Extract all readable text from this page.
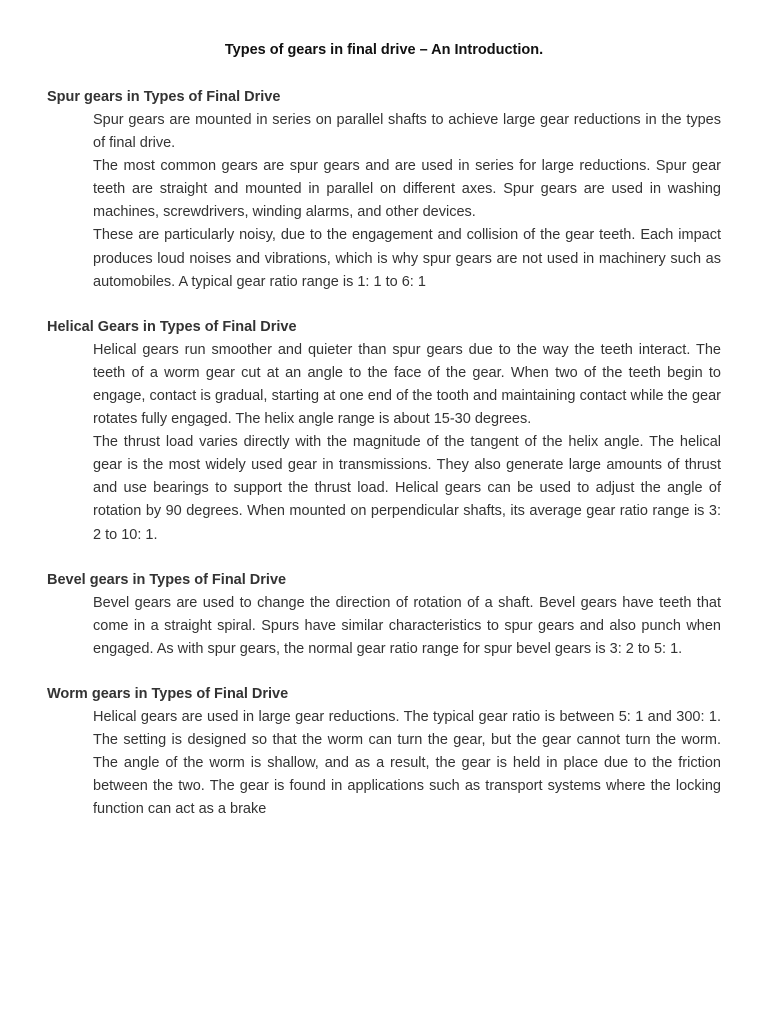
Types of gears in final drive – An Introduction.
Spur gears in Types of Final Drive

Spur gears are mounted in series on parallel shafts to achieve large gear reductions in the types of final drive.

The most common gears are spur gears and are used in series for large reductions. Spur gear teeth are straight and mounted in parallel on different axes. Spur gears are used in washing machines, screwdrivers, winding alarms, and other devices.

These are particularly noisy, due to the engagement and collision of the gear teeth. Each impact produces loud noises and vibrations, which is why spur gears are not used in machinery such as automobiles. A typical gear ratio range is 1: 1 to 6: 1

Helical Gears in Types of Final Drive

Helical gears run smoother and quieter than spur gears due to the way the teeth interact. The teeth of a worm gear cut at an angle to the face of the gear. When two of the teeth begin to engage, contact is gradual, starting at one end of the tooth and maintaining contact while the gear rotates fully engaged. The helix angle range is about 15-30 degrees.

The thrust load varies directly with the magnitude of the tangent of the helix angle. The helical gear is the most widely used gear in transmissions. They also generate large amounts of thrust and use bearings to support the thrust load. Helical gears can be used to adjust the angle of rotation by 90 degrees. When mounted on perpendicular shafts, its average gear ratio range is 3: 2 to 10: 1.

Bevel gears in Types of Final Drive

Bevel gears are used to change the direction of rotation of a shaft. Bevel gears have teeth that come in a straight spiral. Spurs have similar characteristics to spur gears and also punch when engaged. As with spur gears, the normal gear ratio range for spur bevel gears is 3: 2 to 5: 1.

Worm gears in Types of Final Drive

Helical gears are used in large gear reductions. The typical gear ratio is between 5: 1 and 300: 1. The setting is designed so that the worm can turn the gear, but the gear cannot turn the worm. The angle of the worm is shallow, and as a result, the gear is held in place due to the friction between the two. The gear is found in applications such as transport systems where the locking function can act as a brake
